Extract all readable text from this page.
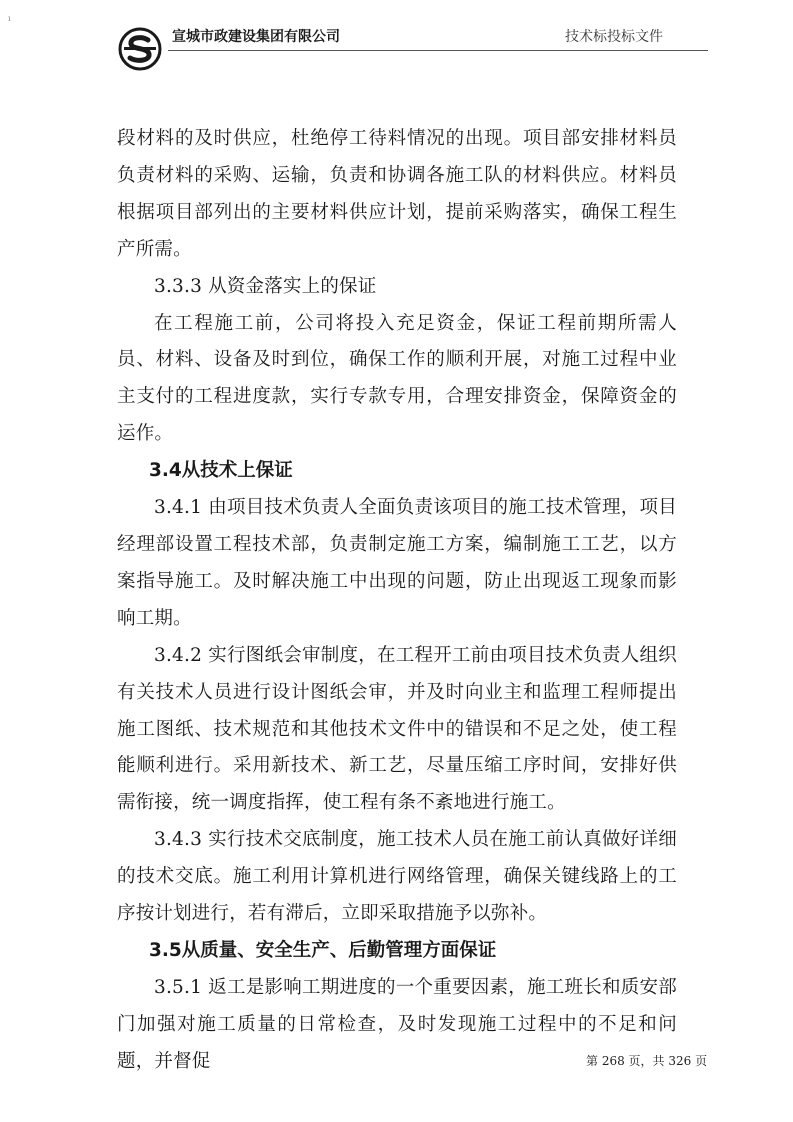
ı
宣城市政建设集团有限公司	技术标投标文件

段材料的及时供应，杜绝停工待料情况的出现。项目部安排材料员负责材料的采购、运输，负责和协调各施工队的材料供应。材料员根据项目部列出的主要材料供应计划，提前采购落实，确保工程生产所需。

3.3.3 从资金落实上的保证

在工程施工前，公司将投入充足资金，保证工程前期所需人员、材料、设备及时到位，确保工作的顺利开展，对施工过程中业主支付的工程进度款，实行专款专用，合理安排资金，保障资金的运作。

3.4从技术上保证

3.4.1 由项目技术负责人全面负责该项目的施工技术管理，项目经理部设置工程技术部，负责制定施工方案，编制施工工艺，以方案指导施工。及时解决施工中出现的问题，防止出现返工现象而影响工期。

3.4.2 实行图纸会审制度，在工程开工前由项目技术负责人组织有关技术人员进行设计图纸会审，并及时向业主和监理工程师提出施工图纸、技术规范和其他技术文件中的错误和不足之处，使工程能顺利进行。采用新技术、新工艺，尽量压缩工序时间，安排好供需衔接，统一调度指挥，使工程有条不紊地进行施工。

3.4.3 实行技术交底制度，施工技术人员在施工前认真做好详细的技术交底。施工利用计算机进行网络管理，确保关键线路上的工序按计划进行，若有滞后，立即采取措施予以弥补。

3.5从质量、安全生产、后勤管理方面保证

3.5.1 返工是影响工期进度的一个重要因素，施工班长和质安部门加强对施工质量的日常检查，及时发现施工过程中的不足和问题，并督促	第 268 页，共 326 页
